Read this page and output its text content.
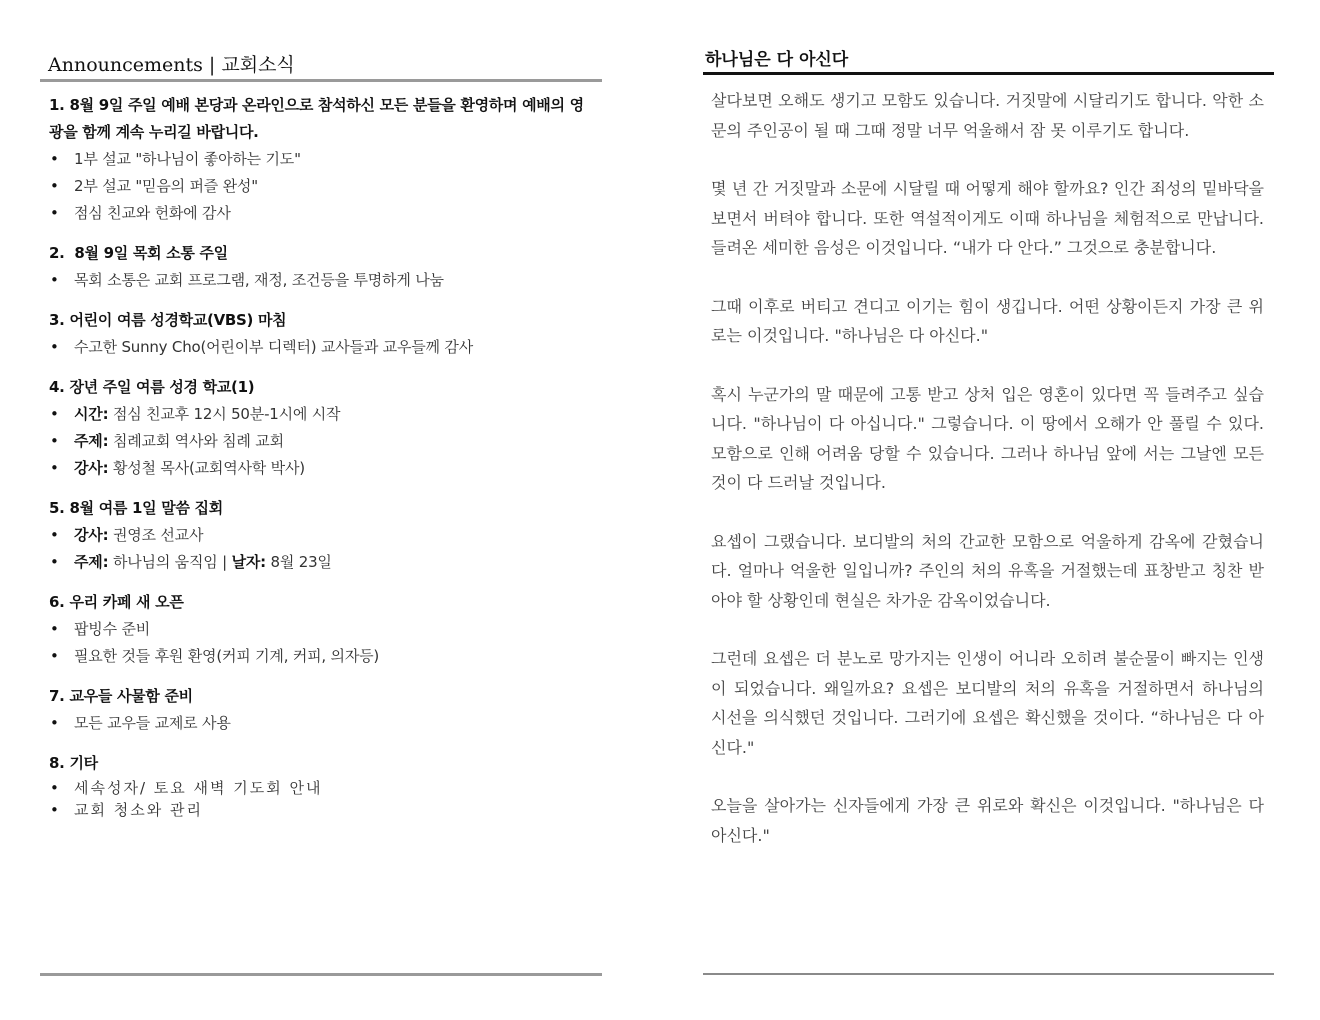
Announcements | 교회소식
1. 8월 9일 주일 예배 본당과 온라인으로 참석하신 모든 분들을 환영하며 예배의 영광을 함께 계속 누리길 바랍니다.
• 1부 설교 "하나님이 좋아하는 기도"
• 2부 설교 "믿음의 퍼즐 완성"
• 점심 친교와 헌화에 감사
2.  8월 9일 목회 소통 주일
• 목회 소통은 교회 프로그램, 재정, 조건등을 투명하게 나눔
3. 어린이 여름 성경학교(VBS) 마침
• 수고한 Sunny Cho(어린이부 디렉터) 교사들과 교우들께 감사
4. 장년 주일 여름 성경 학교(1)
• 시간: 점심 친교후 12시 50분-1시에 시작
• 주제: 침례교회 역사와 침례 교회
• 강사: 황성철 목사(교회역사학 박사)
5. 8월 여름 1일 말씀 집회
• 강사: 권영조 선교사
• 주제: 하나님의 움직임 | 날자: 8월 23일
6. 우리 카페 새 오픈
• 팝빙수 준비
• 필요한 것들 후원 환영(커피 기계, 커피, 의자등)
7. 교우들 사물함 준비
• 모든 교우들 교제로 사용
8. 기타
• 세속성자/ 토요 새벽 기도회 안내
• 교회 청소와 관리
하나님은 다 아신다

살다보면 오해도 생기고 모함도 있습니다. 거짓말에 시달리기도 합니다. 악한 소문의 주인공이 될 때 그때 정말 너무 억울해서 잠 못 이루기도 합니다.

몇 년 간 거짓말과 소문에 시달릴 때 어떻게 해야 할까요? 인간 죄성의 밑바닥을 보면서 버텨야 합니다. 또한 역설적이게도 이때 하나님을 체험적으로 만납니다. 들려온 세미한 음성은 이것입니다. “내가 다 안다.” 그것으로 충분합니다.

그때 이후로 버티고 견디고 이기는 힘이 생깁니다. 어떤 상황이든지 가장 큰 위로는 이것입니다. "하나님은 다 아신다."

혹시 누군가의 말 때문에 고통 받고 상처 입은 영혼이 있다면 꼭 들려주고 싶습니다. "하나님이 다 아십니다." 그렇습니다. 이 땅에서 오해가 안 풀릴 수 있다. 모함으로 인해 어려움 당할 수 있습니다. 그러나 하나님 앞에 서는 그날엔 모든 것이 다 드러날 것입니다.

요셉이 그랬습니다. 보디발의 처의 간교한 모함으로 억울하게 감옥에 갇혔습니다. 얼마나 억울한 일입니까? 주인의 처의 유혹을 거절했는데 표창받고 칭찬 받아야 할 상황인데 현실은 차가운 감옥이었습니다.

그런데 요셉은 더 분노로 망가지는 인생이 어니라 오히려 불순물이 빠지는 인생이 되었습니다. 왜일까요? 요셉은 보디발의 처의 유혹을 거절하면서 하나님의 시선을 의식했던 것입니다. 그러기에 요셉은 확신했을 것이다. “하나님은 다 아신다."

오늘을 살아가는 신자들에게 가장 큰 위로와 확신은 이것입니다. "하나님은 다 아신다."
